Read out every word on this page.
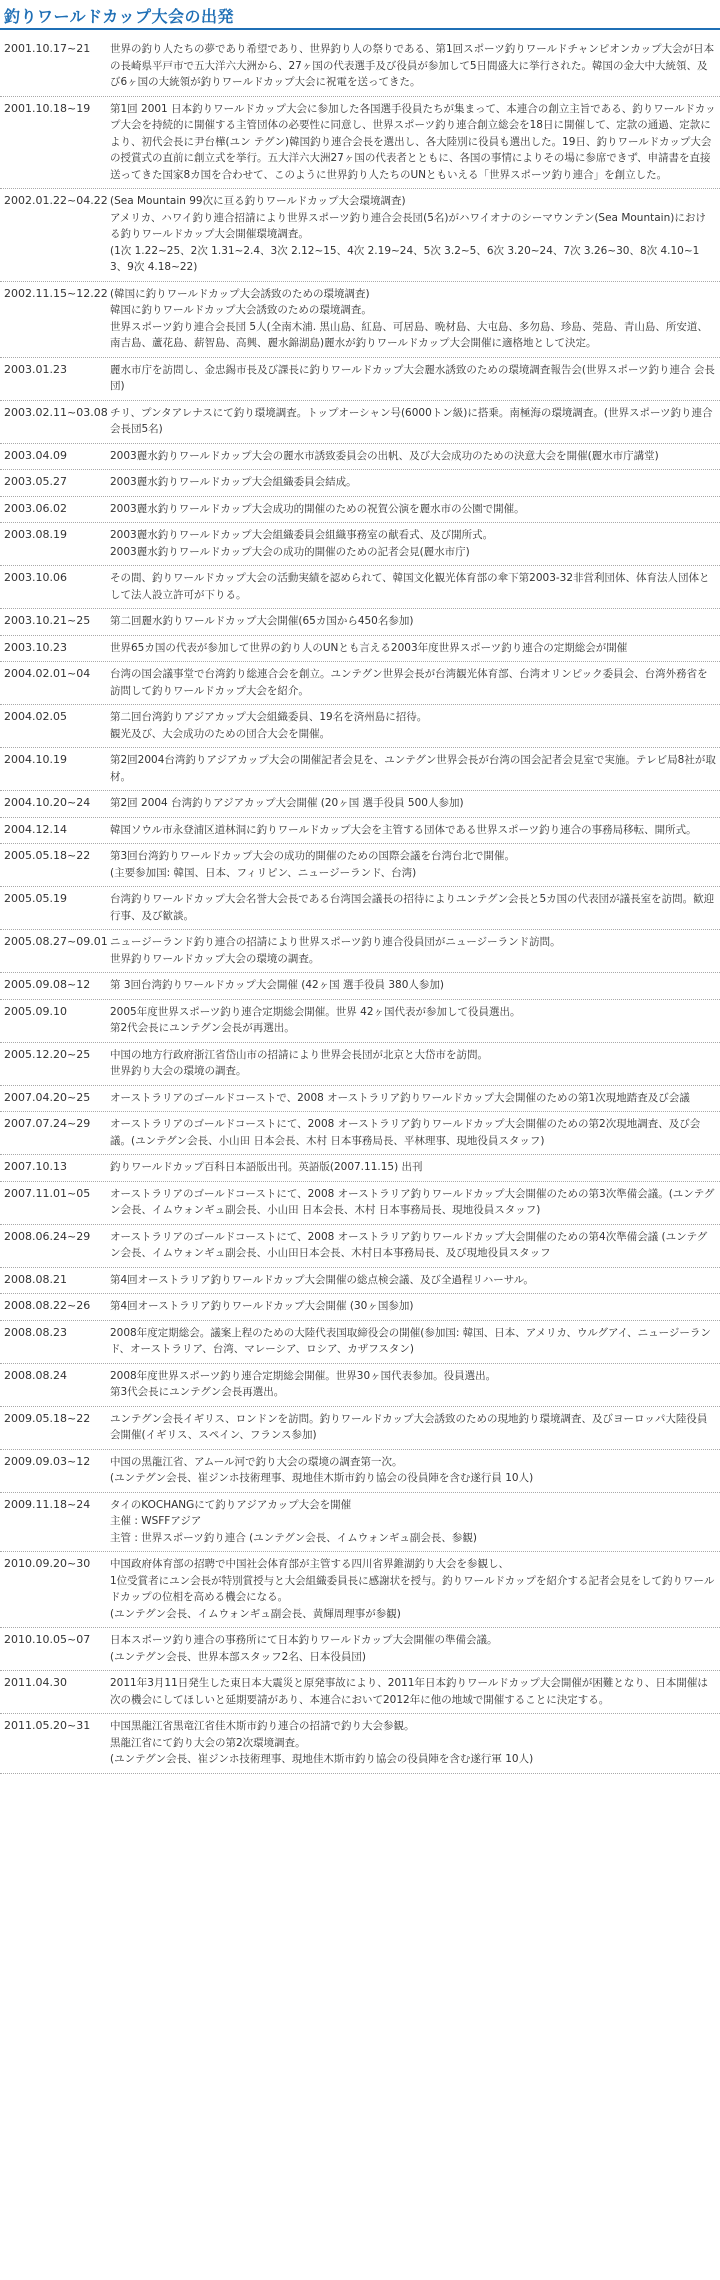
釣りワールドカップ大会の出発
2001.10.17~21	世界の釣り人たちの夢であり希望であり、世界釣り人の祭りである、第1回スポーツ釣りワールドチャンピオンカップ大会が日本の長崎県平戸市で五大洋六大洲から、27ヶ国の代表選手及び役員が参加して5日間盛大に挙行された。韓国の金大中大統領、及び6ヶ国の大統領が釣りワールドカップ大会に祝電を送ってきた。
2001.10.18~19	第1回 2001 日本釣りワールドカップ大会に参加した各国選手役員たちが集まって、本連合の創立主旨である、釣りワールドカップ大会を持続的に開催する主管団体の必要性に同意し、世界スポーツ釣り連合創立総会を18日に開催して、定款の通過、定款により、初代会長に尹台樺(ユン テグン)韓国釣り連合会長を選出し、各大陸別に役員も選出した。19日、釣りワールドカップ大会の授賞式の直前に創立式を挙行。五大洋六大洲27ヶ国の代表者とともに、各国の事情によりその場に参席できず、申請書を直接送ってきた国家8カ国を合わせて、このように世界釣り人たちのUNともいえる「世界スポーツ釣り連合」を創立した。
2002.01.22~04.22 (Sea Mountain 99次に亘る釣りワールドカップ大会環境調査)
アメリカ、ハワイ釣り連合招請により世界スポーツ釣り連合会長団(5名)がハワイオナのシーマウンテン(Sea Mountain)における釣りワールドカップ大会開催環境調査。
(1次 1.22~25、2次 1.31~2.4、3次 2.12~15、4次 2.19~24、5次 3.2~5、6次 3.20~24、7次 3.26~30、8次 4.10~13、9次 4.18~22)
2002.11.15~12.22 (韓国に釣りワールドカップ大会誘致のための環境調査)
韓国に釣りワールドカップ大会誘致のための環境調査。
世界スポーツ釣り連合会長団 5人(全南木浦. 黒山島、紅島、可居島、晩材島、大屯島、多勿島、珍島、莞島、青山島、所安道、南吉島、蘆花島、薪智島、高興、麗水錦湖島)麗水が釣りワールドカップ大会開催に適格地として決定。
2003.01.23	麗水市庁を訪問し、金忠錫市長及び課長に釣りワールドカップ大会麗水誘致のための環境調査報告会(世界スポーツ釣り連合 会長団)
2003.02.11~03.08 チリ、プンタアレナスにて釣り環境調査。トップオーシャン号(6000トン級)に搭乗。南極海の環境調査。(世界スポーツ釣り連合会長団5名)
2003.04.09	2003麗水釣りワールドカップ大会の麗水市誘致委員会の出帆、及び大会成功のための決意大会を開催(麗水市庁講堂)
2003.05.27	2003麗水釣りワールドカップ大会組織委員会結成。
2003.06.02	2003麗水釣りワールドカップ大会成功的開催のための祝賀公演を麗水市の公園で開催。
2003.08.19	2003麗水釣りワールドカップ大会組織委員会組織事務室の献看式、及び開所式。
2003麗水釣りワールドカップ大会の成功的開催のための記者会見(麗水市庁)
2003.10.06	その間、釣りワールドカップ大会の活動実績を認められて、韓国文化観光体育部の傘下第2003-32非営利団体、体育法人団体として法人設立許可が下りる。
2003.10.21~25	第二回麗水釣りワールドカップ大会開催(65カ国から450名参加)
2003.10.23	世界65カ国の代表が参加して世界の釣り人のUNとも言える2003年度世界スポーツ釣り連合の定期総会が開催
2004.02.01~04	台湾の国会議事堂で台湾釣り総連合会を創立。ユンテグン世界会長が台湾観光体育部、台湾オリンピック委員会、台湾外務省を訪問して釣りワールドカップ大会を紹介。
2004.02.05	第二回台湾釣りアジアカップ大会組織委員、19名を済州島に招待。
観光及び、大会成功のための団合大会を開催。
2004.10.19	第2回2004台湾釣りアジアカップ大会の開催記者会見を、ユンテグン世界会長が台湾の国会記者会見室で実施。テレビ局8社が取材。
2004.10.20~24	第2回 2004 台湾釣りアジアカップ大会開催 (20ヶ国 選手役員 500人参加)
2004.12.14	韓国ソウル市永登浦区道林洞に釣りワールドカップ大会を主管する団体である世界スポーツ釣り連合の事務局移転、開所式。
2005.05.18~22	第3回台湾釣りワールドカップ大会の成功的開催のための国際会議を台湾台北で開催。
(主要参加国: 韓国、日本、フィリピン、ニュージーランド、台湾)
2005.05.19	台湾釣りワールドカップ大会名誉大会長である台湾国会議長の招待によりユンテグン会長と5カ国の代表団が議長室を訪問。歓迎行事、及び歓談。
2005.08.27~09.01 ニュージーランド釣り連合の招請により世界スポーツ釣り連合役員団がニュージーランド訪問。
世界釣りワールドカップ大会の環境の調査。
2005.09.08~12	第 3回台湾釣りワールドカップ大会開催 (42ヶ国 選手役員 380人参加)
2005.09.10	2005年度世界スポーツ釣り連合定期総会開催。世界 42ヶ国代表が参加して役員選出。
第2代会長にユンテグン会長が再選出。
2005.12.20~25	中国の地方行政府浙江省岱山市の招請により世界会長団が北京と大岱市を訪問。
世界釣り大会の環境の調査。
2007.04.20~25	オーストラリアのゴールドコーストで、2008 オーストラリア釣りワールドカップ大会開催のための第1次現地踏査及び会議
2007.07.24~29	オーストラリアのゴールドコーストにて、2008 オーストラリア釣りワールドカップ大会開催のための第2次現地調査、及び会議。(ユンテグン会長、小山田 日本会長、木村 日本事務局長、平林理事、現地役員スタッフ)
2007.10.13	釣りワールドカップ百科日本語版出刊。英語版(2007.11.15) 出刊
2007.11.01~05	オーストラリアのゴールドコーストにて、2008 オーストラリア釣りワールドカップ大会開催のための第3次準備会議。(ユンテグン会長、イムウォンギュ副会長、小山田 日本会長、木村 日本事務局長、現地役員スタッフ)
2008.06.24~29	オーストラリアのゴールドコーストにて、2008 オーストラリア釣りワールドカップ大会開催のための第4次準備会議 (ユンテグン会長、イムウォンギュ副会長、小山田日本会長、木村日本事務局長、及び現地役員スタッフ
2008.08.21	第4回オーストラリア釣りワールドカップ大会開催の総点検会議、及び全過程リハーサル。
2008.08.22~26	第4回オーストラリア釣りワールドカップ大会開催 (30ヶ国参加)
2008.08.23	2008年度定期総会。議案上程のための大陸代表国取締役会の開催(参加国: 韓国、日本、アメリカ、ウルグアイ、ニュージーランド、オーストラリア、台湾、マレーシア、ロシア、カザフスタン)
2008.08.24	2008年度世界スポーツ釣り連合定期総会開催。世界30ヶ国代表参加。役員選出。
第3代会長にユンテグン会長再選出。
2009.05.18~22	ユンテグン会長イギリス、ロンドンを訪問。釣りワールドカップ大会誘致のための現地釣り環境調査、及びヨーロッパ大陸役員会開催(イギリス、スペイン、フランス参加)
2009.09.03~12	中国の黒龍江省、アムール河で釣り大会の環境の調査第一次。
(ユンテグン会長、崔ジンホ技術理事、現地佳木斯市釣り協会の役員陣を含む遂行員 10人)
2009.11.18~24	タイのKOCHANGにて釣りアジアカップ大会を開催
主催 : WSFFアジア
主管 : 世界スポーツ釣り連合 (ユンテグン会長、イムウォンギュ副会長、参観)
2010.09.20~30	中国政府体育部の招聘で中国社会体育部が主管する四川省界錐湖釣り大会を参観し、
1位受賞者にユン会長が特別賞授与と大会組織委員長に感謝状を授与。釣りワールドカップを紹介する記者会見をして釣りワールドカップの位相を高める機会になる。
(ユンテグン会長、イムウォンギュ副会長、黄輝周理事が参観)
2010.10.05~07	日本スポーツ釣り連合の事務所にて日本釣りワールドカップ大会開催の準備会議。
(ユンテグン会長、世界本部スタッフ2名、日本役員団)
2011.04.30	2011年3月11日発生した東日本大震災と原発事故により、2011年日本釣りワールドカップ大会開催が困難となり、日本開催は次の機会にしてほしいと延期要請があり、本連合において2012年に他の地域で開催することに決定する。
2011.05.20~31	中国黒龍江省黒竜江省佳木斯市釣り連合の招請で釣り大会参観。
黒龍江省にて釣り大会の第2次環境調査。
(ユンテグン会長、崔ジンホ技術理事、現地佳木斯市釣り協会の役員陣を含む遂行軍 10人)
